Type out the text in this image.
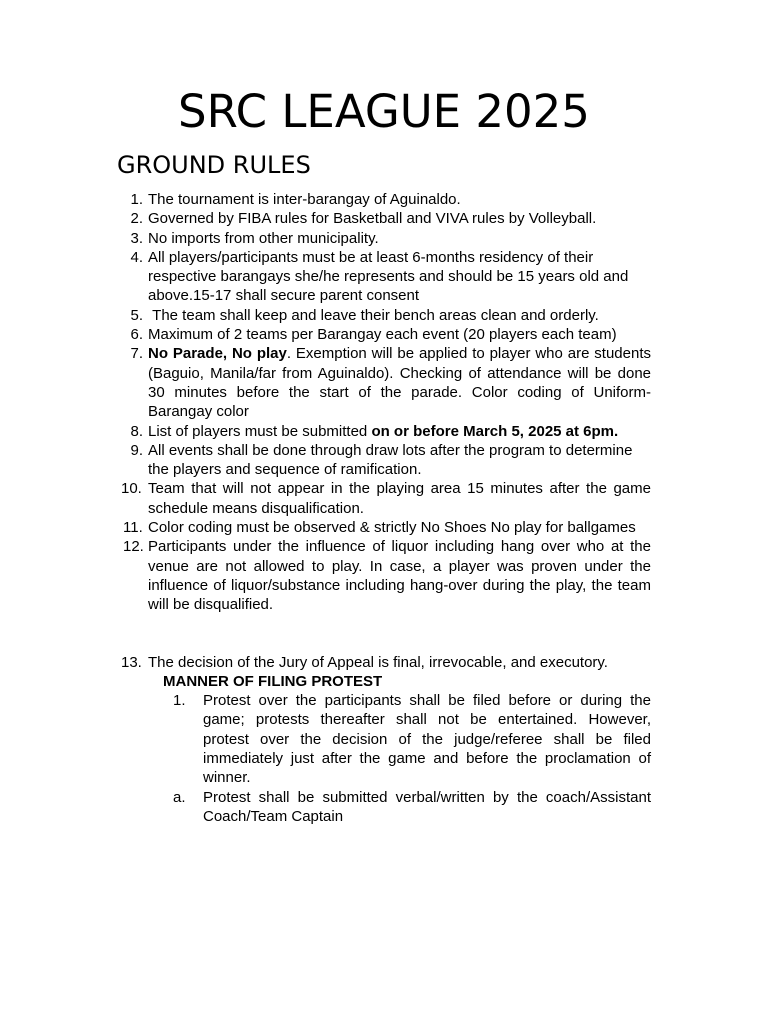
SRC LEAGUE 2025
GROUND RULES
1. The tournament is inter-barangay of Aguinaldo.
2. Governed by FIBA rules for Basketball and VIVA rules by Volleyball.
3. No imports from other municipality.
4. All players/participants must be at least 6-months residency of their respective barangays she/he represents and should be 15 years old and above.15-17 shall secure parent consent
5. The team shall keep and leave their bench areas clean and orderly.
6. Maximum of 2 teams per Barangay each event (20 players each team)
7. No Parade, No play. Exemption will be applied to player who are students (Baguio, Manila/far from Aguinaldo). Checking of attendance will be done 30 minutes before the start of the parade. Color coding of Uniform-Barangay color
8. List of players must be submitted on or before March 5, 2025 at 6pm.
9. All events shall be done through draw lots after the program to determine the players and sequence of ramification.
10. Team that will not appear in the playing area 15 minutes after the game schedule means disqualification.
11. Color coding must be observed & strictly No Shoes No play for ballgames
12. Participants under the influence of liquor including hang over who at the venue are not allowed to play. In case, a player was proven under the influence of liquor/substance including hang-over during the play, the team will be disqualified.
13. The decision of the Jury of Appeal is final, irrevocable, and executory.
MANNER OF FILING PROTEST
1.	Protest over the participants shall be filed before or during the game; protests thereafter shall not be entertained. However, protest over the decision of the judge/referee shall be filed immediately just after the game and before the proclamation of winner.
a.	Protest shall be submitted verbal/written by the coach/Assistant Coach/Team Captain
